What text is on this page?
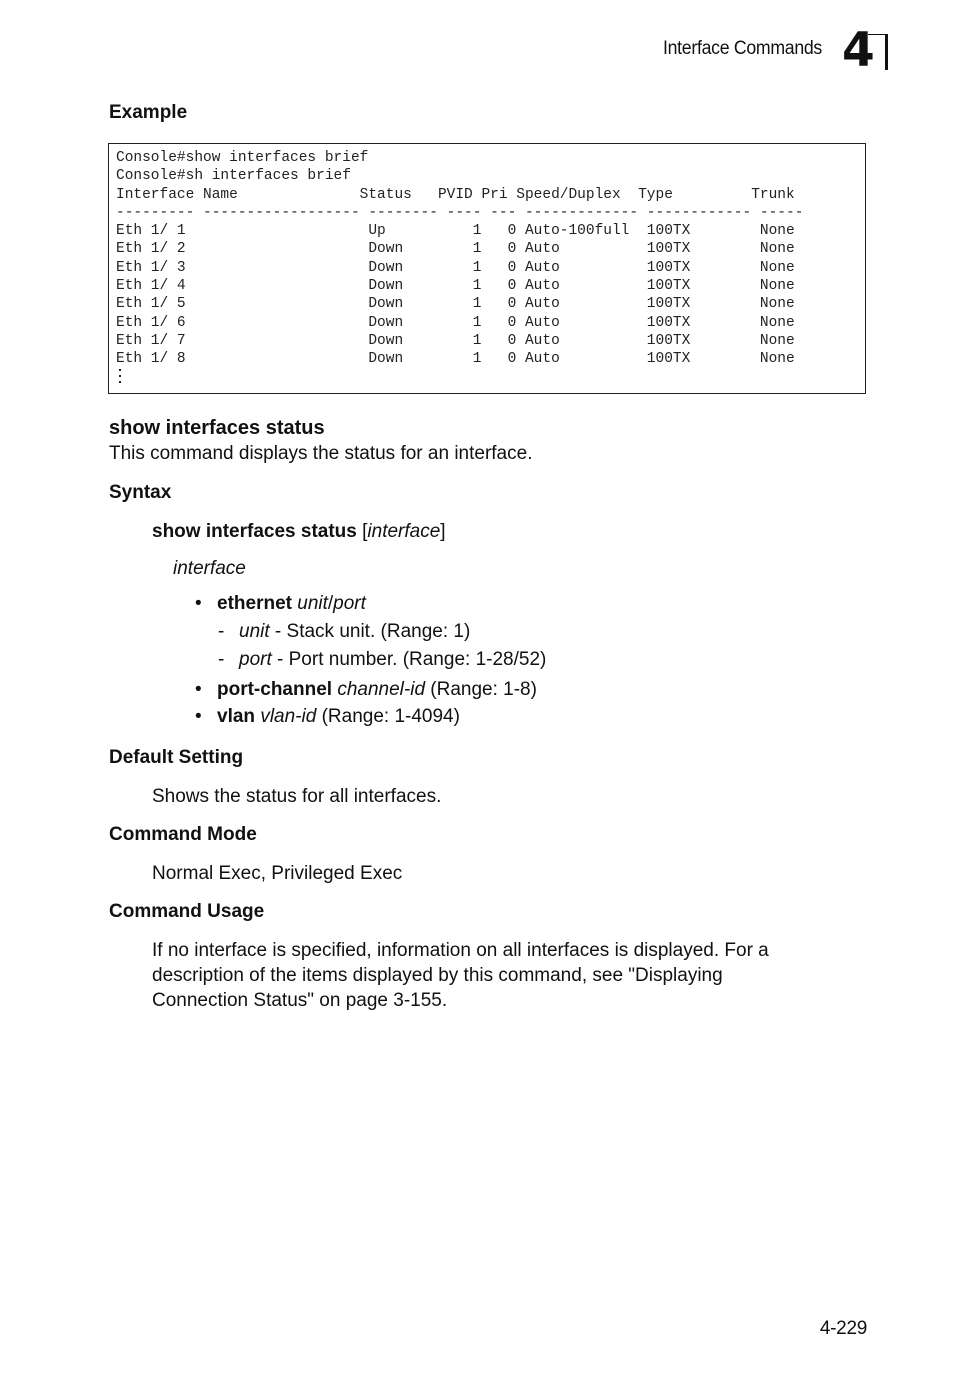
Interface Commands 4
Example
Console#show interfaces brief
Console#sh interfaces brief
Interface Name              Status   PVID Pri Speed/Duplex  Type         Trunk
--------- ------------------ -------- ---- --- ------------- ------------ -----
Eth 1/ 1                     Up          1   0 Auto-100full  100TX        None
Eth 1/ 2                     Down        1   0 Auto          100TX        None
Eth 1/ 3                     Down        1   0 Auto          100TX        None
Eth 1/ 4                     Down        1   0 Auto          100TX        None
Eth 1/ 5                     Down        1   0 Auto          100TX        None
Eth 1/ 6                     Down        1   0 Auto          100TX        None
Eth 1/ 7                     Down        1   0 Auto          100TX        None
Eth 1/ 8                     Down        1   0 Auto          100TX        None
show interfaces status
This command displays the status for an interface.
Syntax
show interfaces status [interface]
interface
• ethernet unit/port
- unit - Stack unit. (Range: 1)
- port - Port number. (Range: 1-28/52)
• port-channel channel-id (Range: 1-8)
• vlan vlan-id (Range: 1-4094)
Default Setting
Shows the status for all interfaces.
Command Mode
Normal Exec, Privileged Exec
Command Usage
If no interface is specified, information on all interfaces is displayed. For a
description of the items displayed by this command, see "Displaying
Connection Status" on page 3-155.
4-229
